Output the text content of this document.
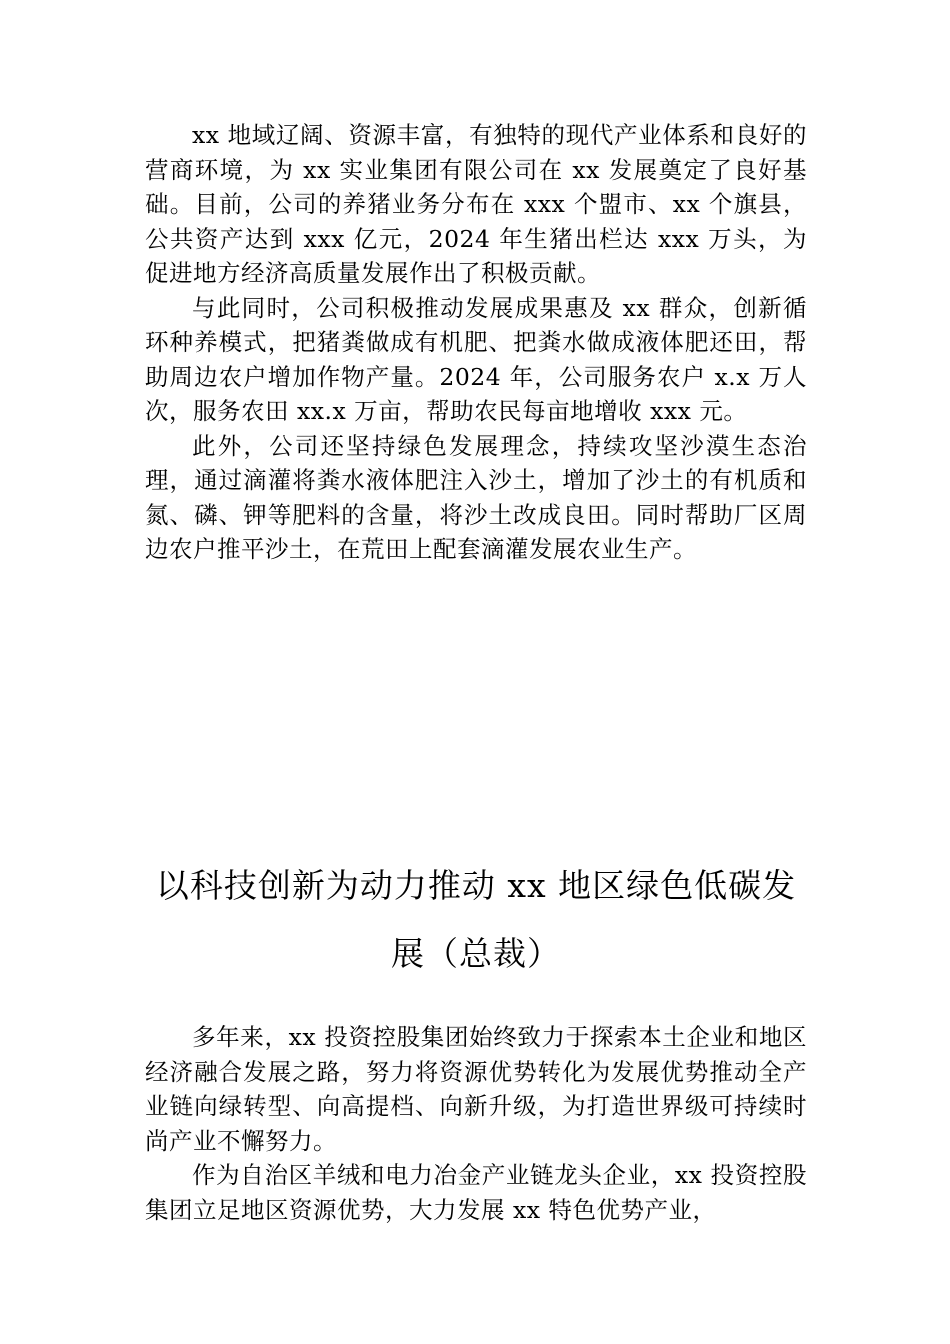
xx 地域辽阔、资源丰富，有独特的现代产业体系和良好的营商环境，为 xx 实业集团有限公司在 xx 发展奠定了良好基础。目前，公司的养猪业务分布在 xxx 个盟市、xx 个旗县，公共资产达到 xxx 亿元，2024 年生猪出栏达 xxx 万头，为促进地方经济高质量发展作出了积极贡献。

与此同时，公司积极推动发展成果惠及 xx 群众，创新循环种养模式，把猪粪做成有机肥、把粪水做成液体肥还田，帮助周边农户增加作物产量。2024 年，公司服务农户 x.x 万人次，服务农田 xx.x 万亩，帮助农民每亩地增收 xxx 元。

此外，公司还坚持绿色发展理念，持续攻坚沙漠生态治理，通过滴灌将粪水液体肥注入沙土，增加了沙土的有机质和氮、磷、钾等肥料的含量，将沙土改成良田。同时帮助厂区周边农户推平沙土，在荒田上配套滴灌发展农业生产。

以科技创新为动力推动 xx 地区绿色低碳发展（总裁）

多年来，xx 投资控股集团始终致力于探索本土企业和地区经济融合发展之路，努力将资源优势转化为发展优势推动全产业链向绿转型、向高提档、向新升级，为打造世界级可持续时尚产业不懈努力。

作为自治区羊绒和电力冶金产业链龙头企业，xx 投资控股集团立足地区资源优势，大力发展 xx 特色优势产业，
